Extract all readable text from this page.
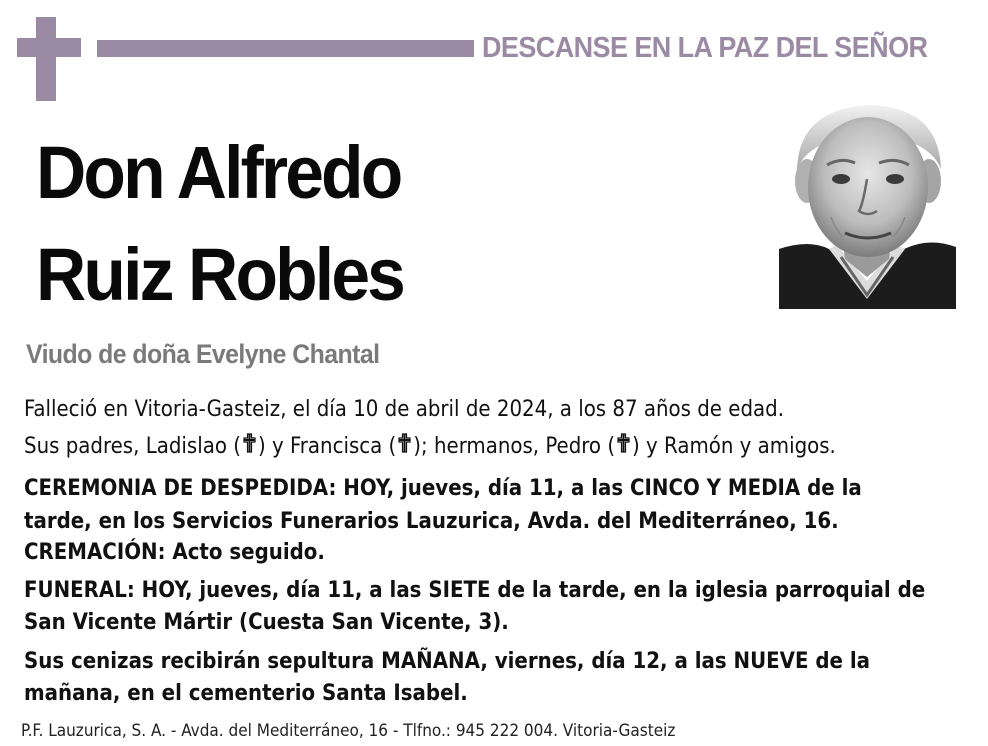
DESCANSE EN LA PAZ DEL SEÑOR
Don Alfredo
Ruiz Robles
Viudo de doña Evelyne Chantal
Falleció en Vitoria-Gasteiz, el día 10 de abril de 2024, a los 87 años de edad.
Sus padres, Ladislao ( ) y Francisca ( ); hermanos, Pedro ( ) y Ramón y amigos.
CEREMONIA DE DESPEDIDA: HOY, jueves, día 11, a las CINCO Y MEDIA de la
tarde, en los Servicios Funerarios Lauzurica, Avda. del Mediterráneo, 16.
CREMACIÓN: Acto seguido.
FUNERAL: HOY, jueves, día 11, a las SIETE de la tarde, en la iglesia parroquial de
San Vicente Mártir (Cuesta San Vicente, 3).
Sus cenizas recibirán sepultura MAÑANA, viernes, día 12, a las NUEVE de la
mañana, en el cementerio Santa Isabel.
P.F. Lauzurica, S. A. - Avda. del Mediterráneo, 16 - Tlfno.: 945 222 004. Vitoria-Gasteiz
